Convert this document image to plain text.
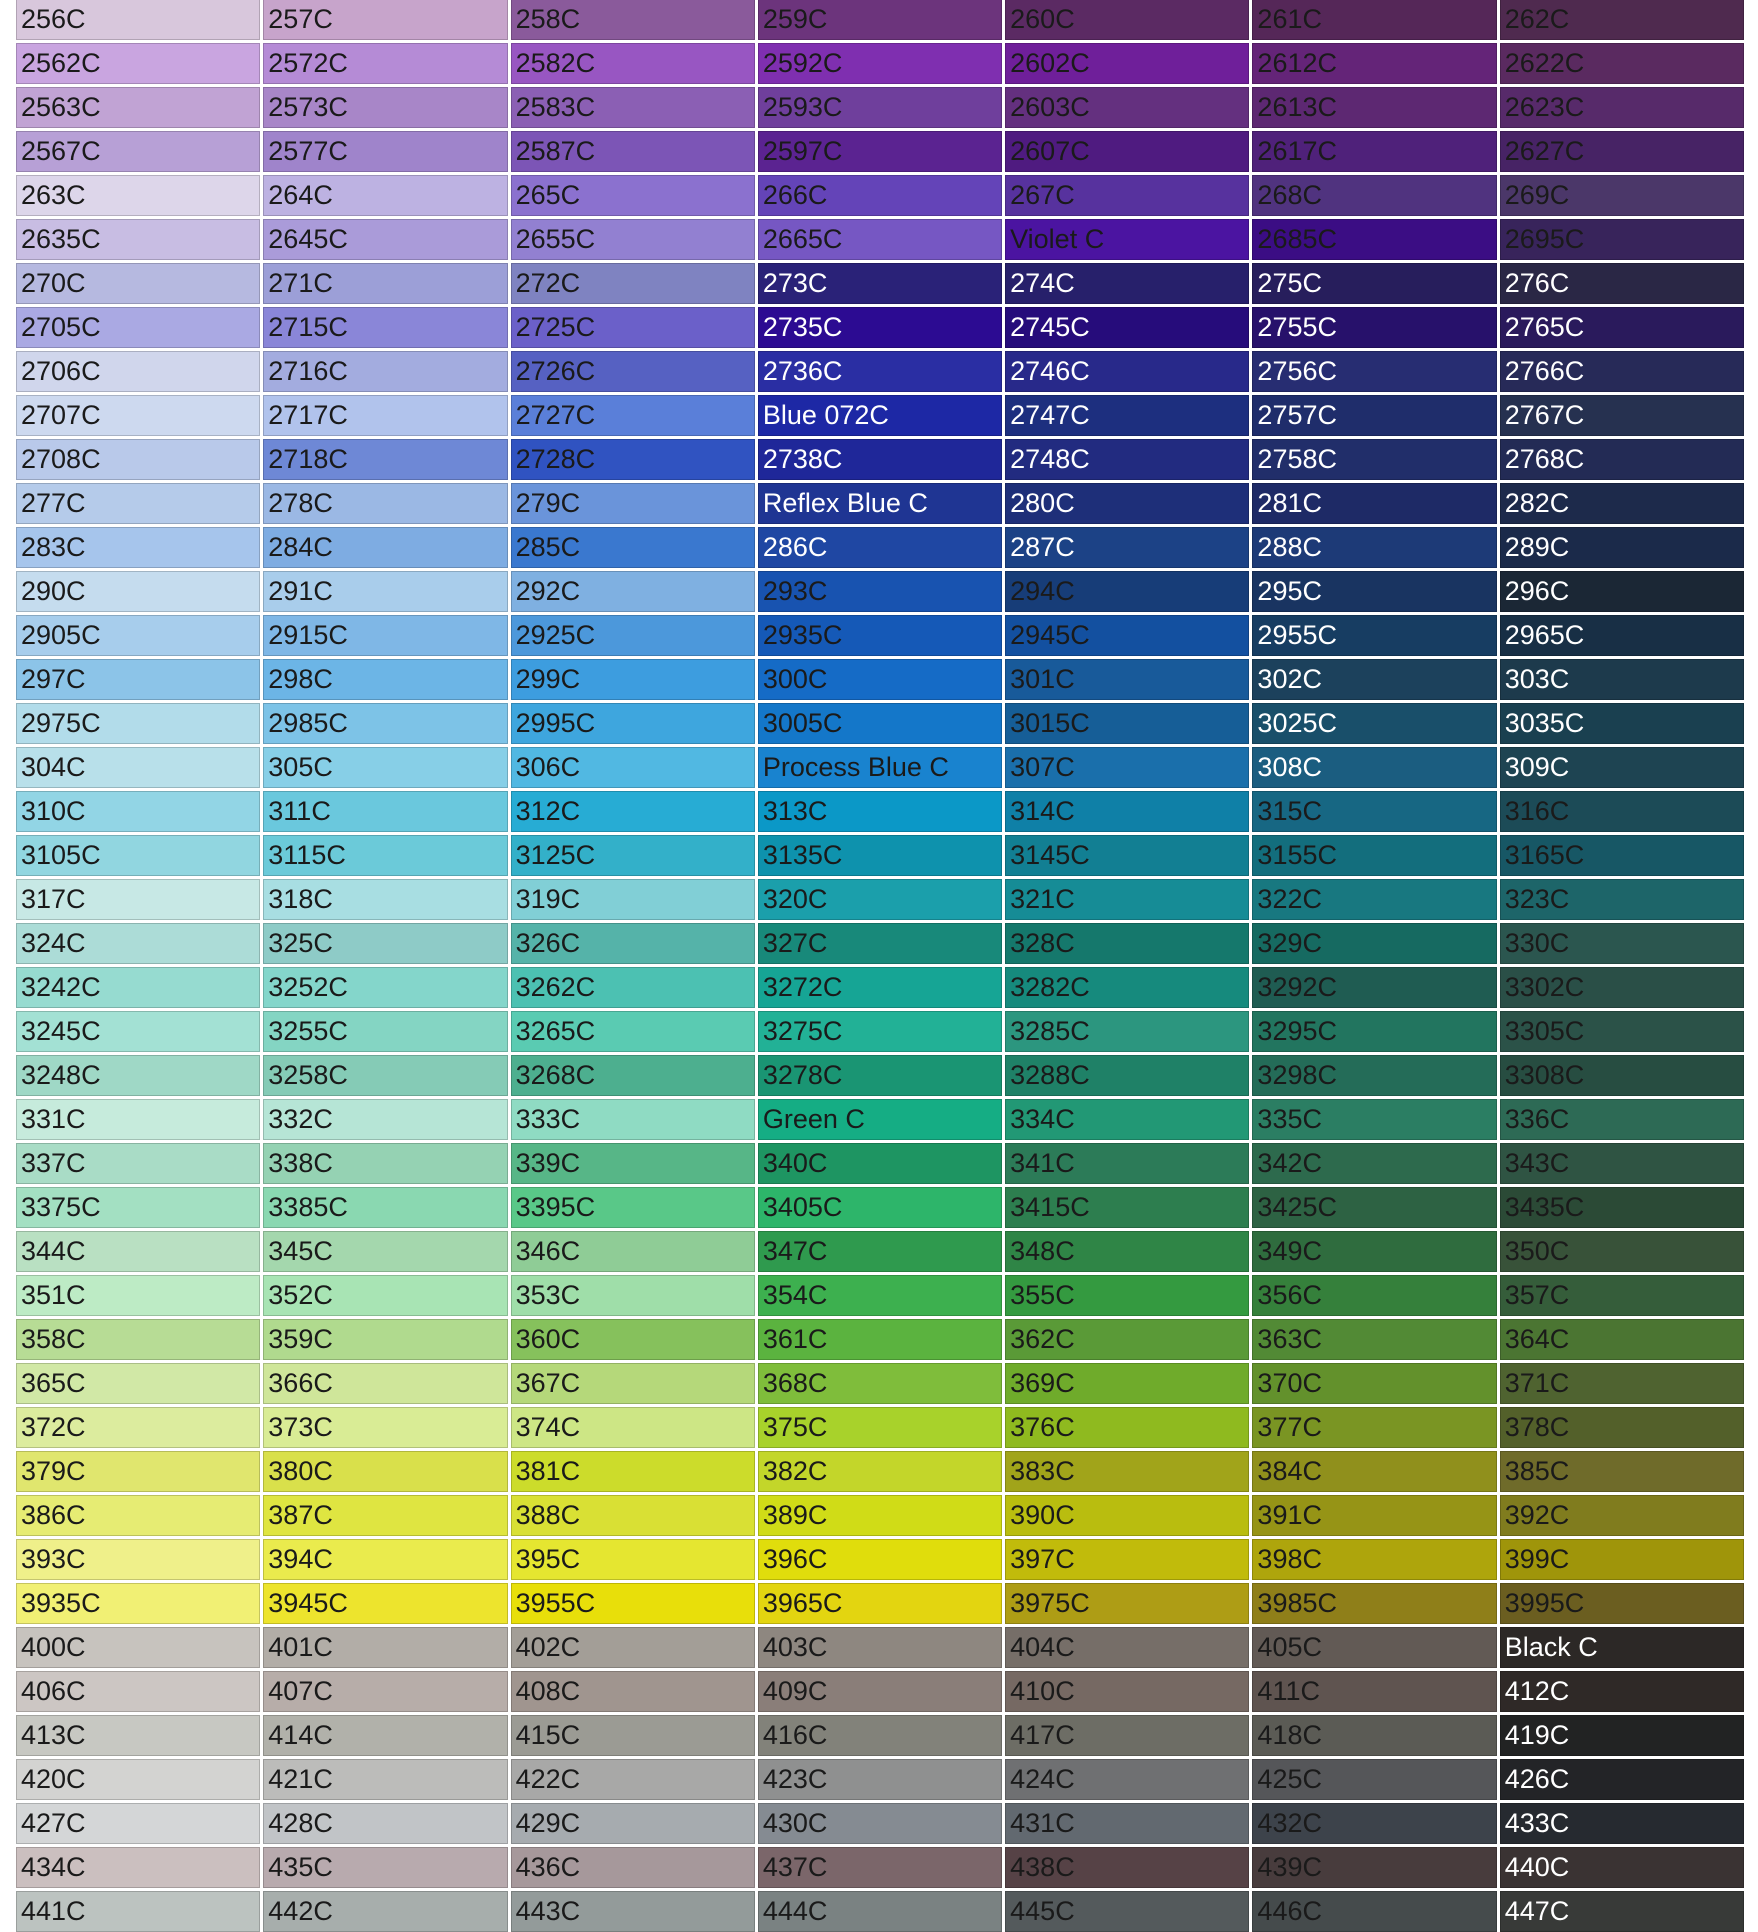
256C	257C	258C	259C	260C	261C	262C
2562C	2572C	2582C	2592C	2602C	2612C	2622C
2563C	2573C	2583C	2593C	2603C	2613C	2623C
2567C	2577C	2587C	2597C	2607C	2617C	2627C
263C	264C	265C	266C	267C	268C	269C
2635C	2645C	2655C	2665C	Violet C	2685C	2695C
270C	271C	272C	273C	274C	275C	276C
2705C	2715C	2725C	2735C	2745C	2755C	2765C
2706C	2716C	2726C	2736C	2746C	2756C	2766C
2707C	2717C	2727C	Blue 072C	2747C	2757C	2767C
2708C	2718C	2728C	2738C	2748C	2758C	2768C
277C	278C	279C	Reflex Blue C	280C	281C	282C
283C	284C	285C	286C	287C	288C	289C
290C	291C	292C	293C	294C	295C	296C
2905C	2915C	2925C	2935C	2945C	2955C	2965C
297C	298C	299C	300C	301C	302C	303C
2975C	2985C	2995C	3005C	3015C	3025C	3035C
304C	305C	306C	Process Blue C	307C	308C	309C
310C	311C	312C	313C	314C	315C	316C
3105C	3115C	3125C	3135C	3145C	3155C	3165C
317C	318C	319C	320C	321C	322C	323C
324C	325C	326C	327C	328C	329C	330C
3242C	3252C	3262C	3272C	3282C	3292C	3302C
3245C	3255C	3265C	3275C	3285C	3295C	3305C
3248C	3258C	3268C	3278C	3288C	3298C	3308C
331C	332C	333C	Green C	334C	335C	336C
337C	338C	339C	340C	341C	342C	343C
3375C	3385C	3395C	3405C	3415C	3425C	3435C
344C	345C	346C	347C	348C	349C	350C
351C	352C	353C	354C	355C	356C	357C
358C	359C	360C	361C	362C	363C	364C
365C	366C	367C	368C	369C	370C	371C
372C	373C	374C	375C	376C	377C	378C
379C	380C	381C	382C	383C	384C	385C
386C	387C	388C	389C	390C	391C	392C
393C	394C	395C	396C	397C	398C	399C
3935C	3945C	3955C	3965C	3975C	3985C	3995C
400C	401C	402C	403C	404C	405C	Black C
406C	407C	408C	409C	410C	411C	412C
413C	414C	415C	416C	417C	418C	419C
420C	421C	422C	423C	424C	425C	426C
427C	428C	429C	430C	431C	432C	433C
434C	435C	436C	437C	438C	439C	440C
441C	442C	443C	444C	445C	446C	447C
